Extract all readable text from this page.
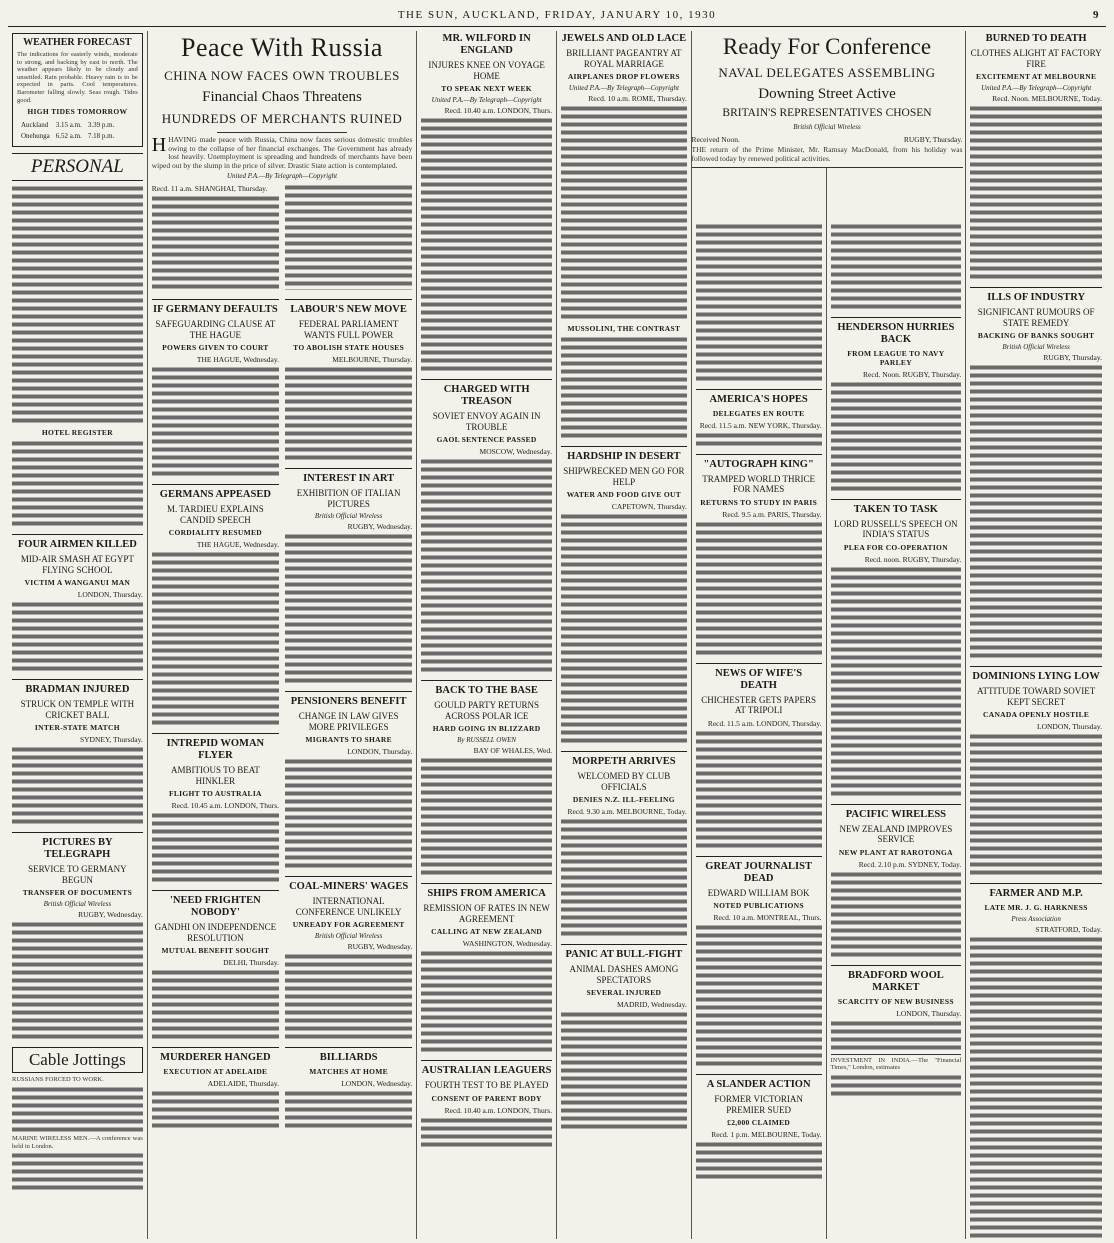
THE SUN, AUCKLAND, FRIDAY, JANUARY 10, 1930	9
WEATHER FORECAST
The indications for easterly winds, moderate to strong, and backing by east to north. The weather appears likely to be cloudy and unsettled. Rain probable. Heavy rain is to be expected in parts. Cool temperatures. Barometer falling slowly. Seas rough. Tides good.
HIGH TIDES TOMORROW
Auckland	3.15 a.m.	3.39 p.m.
Onehunga	6.52 a.m.	7.18 p.m.
PERSONAL
HOTEL REGISTER
FOUR AIRMEN KILLED
MID-AIR SMASH AT EGYPT FLYING SCHOOL
VICTIM A WANGANUI MAN
LONDON, Thursday.
BRADMAN INJURED
STRUCK ON TEMPLE WITH CRICKET BALL
INTER-STATE MATCH
SYDNEY, Thursday.
PICTURES BY TELEGRAPH
SERVICE TO GERMANY BEGUN
TRANSFER OF DOCUMENTS
British Official Wireless
RUGBY, Wednesday.
Cable Jottings
RUSSIANS FORCED TO WORK.
MARINE WIRELESS MEN.—A conference was held in London.
Peace With Russia
CHINA NOW FACES OWN TROUBLES
Financial Chaos Threatens
HUNDREDS OF MERCHANTS RUINED
HHAVING made peace with Russia, China now faces serious domestic troubles owing to the collapse of her financial exchanges. The Government has already lost heavily. Unemployment is spreading and hundreds of merchants have been wiped out by the slump in the price of silver. Drastic State action is contemplated.
United P.A.—By Telegraph—Copyright
Recd. 11 a.m. SHANGHAI, Thursday.
IF GERMANY DEFAULTS
SAFEGUARDING CLAUSE AT THE HAGUE
POWERS GIVEN TO COURT
THE HAGUE, Wednesday.
GERMANS APPEASED
M. TARDIEU EXPLAINS CANDID SPEECH
CORDIALITY RESUMED
THE HAGUE, Wednesday.
INTREPID WOMAN FLYER
AMBITIOUS TO BEAT HINKLER
FLIGHT TO AUSTRALIA
Recd. 10.45 a.m. LONDON, Thurs.
'NEED FRIGHTEN NOBODY'
GANDHI ON INDEPENDENCE RESOLUTION
MUTUAL BENEFIT SOUGHT
DELHI, Thursday.
MURDERER HANGED
EXECUTION AT ADELAIDE
ADELAIDE, Thursday.
LABOUR'S NEW MOVE
FEDERAL PARLIAMENT WANTS FULL POWER
TO ABOLISH STATE HOUSES
MELBOURNE, Thursday.
INTEREST IN ART
EXHIBITION OF ITALIAN PICTURES
British Official Wireless
RUGBY, Wednesday.
PENSIONERS BENEFIT
CHANGE IN LAW GIVES MORE PRIVILEGES
MIGRANTS TO SHARE
LONDON, Thursday.
COAL-MINERS' WAGES
INTERNATIONAL CONFERENCE UNLIKELY
UNREADY FOR AGREEMENT
British Official Wireless
RUGBY, Wednesday.
BILLIARDS
MATCHES AT HOME
LONDON, Wednesday.
MR. WILFORD IN ENGLAND
INJURES KNEE ON VOYAGE HOME
TO SPEAK NEXT WEEK
United P.A.—By Telegraph—Copyright
Recd. 10.40 a.m. LONDON, Thurs.
CHARGED WITH TREASON
SOVIET ENVOY AGAIN IN TROUBLE
GAOL SENTENCE PASSED
MOSCOW, Wednesday.
BACK TO THE BASE
GOULD PARTY RETURNS ACROSS POLAR ICE
HARD GOING IN BLIZZARD
By RUSSELL OWEN
BAY OF WHALES, Wed.
SHIPS FROM AMERICA
REMISSION OF RATES IN NEW AGREEMENT
CALLING AT NEW ZEALAND
WASHINGTON, Wednesday.
AUSTRALIAN LEAGUERS
FOURTH TEST TO BE PLAYED
CONSENT OF PARENT BODY
Recd. 10.40 a.m. LONDON, Thurs.
JEWELS AND OLD LACE
BRILLIANT PAGEANTRY AT ROYAL MARRIAGE
AIRPLANES DROP FLOWERS
United P.A.—By Telegraph—Copyright
Recd. 10 a.m. ROME, Thursday.
MUSSOLINI, THE CONTRAST
HARDSHIP IN DESERT
SHIPWRECKED MEN GO FOR HELP
WATER AND FOOD GIVE OUT
CAPETOWN, Thursday.
MORPETH ARRIVES
WELCOMED BY CLUB OFFICIALS
DENIES N.Z. ILL-FEELING
Recd. 9.30 a.m. MELBOURNE, Today.
PANIC AT BULL-FIGHT
ANIMAL DASHES AMONG SPECTATORS
SEVERAL INJURED
MADRID, Wednesday.
AMERICA'S HOPES
DELEGATES EN ROUTE
Recd. 11.5 a.m. NEW YORK, Thursday.
"AUTOGRAPH KING"
TRAMPED WORLD THRICE FOR NAMES
RETURNS TO STUDY IN PARIS
Recd. 9.5 a.m. PARIS, Thursday.
NEWS OF WIFE'S DEATH
CHICHESTER GETS PAPERS AT TRIPOLI
Recd. 11.5 a.m. LONDON, Thursday.
GREAT JOURNALIST DEAD
EDWARD WILLIAM BOK
NOTED PUBLICATIONS
Recd. 10 a.m. MONTREAL, Thurs.
A SLANDER ACTION
FORMER VICTORIAN PREMIER SUED
£2,000 CLAIMED
Recd. 1 p.m. MELBOURNE, Today.
Ready For Conference
NAVAL DELEGATES ASSEMBLING
Downing Street Active
BRITAIN'S REPRESENTATIVES CHOSEN
British Official Wireless
Received Noon.	RUGBY, Thursday.
THE return of the Prime Minister, Mr. Ramsay MacDonald, from his holiday was followed today by renewed political activities.
HENDERSON HURRIES BACK
FROM LEAGUE TO NAVY PARLEY
Recd. Noon. RUGBY, Thursday.
TAKEN TO TASK
LORD RUSSELL'S SPEECH ON INDIA'S STATUS
PLEA FOR CO-OPERATION
Recd. noon. RUGBY, Thursday.
PACIFIC WIRELESS
NEW ZEALAND IMPROVES SERVICE
NEW PLANT AT RAROTONGA
Recd. 2.10 p.m. SYDNEY, Today.
BRADFORD WOOL MARKET
SCARCITY OF NEW BUSINESS
LONDON, Thursday.
INVESTMENT IN INDIA.—The "Financial Times," London, estimates
BURNED TO DEATH
CLOTHES ALIGHT AT FACTORY FIRE
EXCITEMENT AT MELBOURNE
United P.A.—By Telegraph—Copyright
Recd. Noon. MELBOURNE, Today.
ILLS OF INDUSTRY
SIGNIFICANT RUMOURS OF STATE REMEDY
BACKING OF BANKS SOUGHT
British Official Wireless
RUGBY, Thursday.
DOMINIONS LYING LOW
ATTITUDE TOWARD SOVIET KEPT SECRET
CANADA OPENLY HOSTILE
LONDON, Thursday.
FARMER AND M.P.
LATE MR. J. G. HARKNESS
Press Association
STRATFORD, Today.
